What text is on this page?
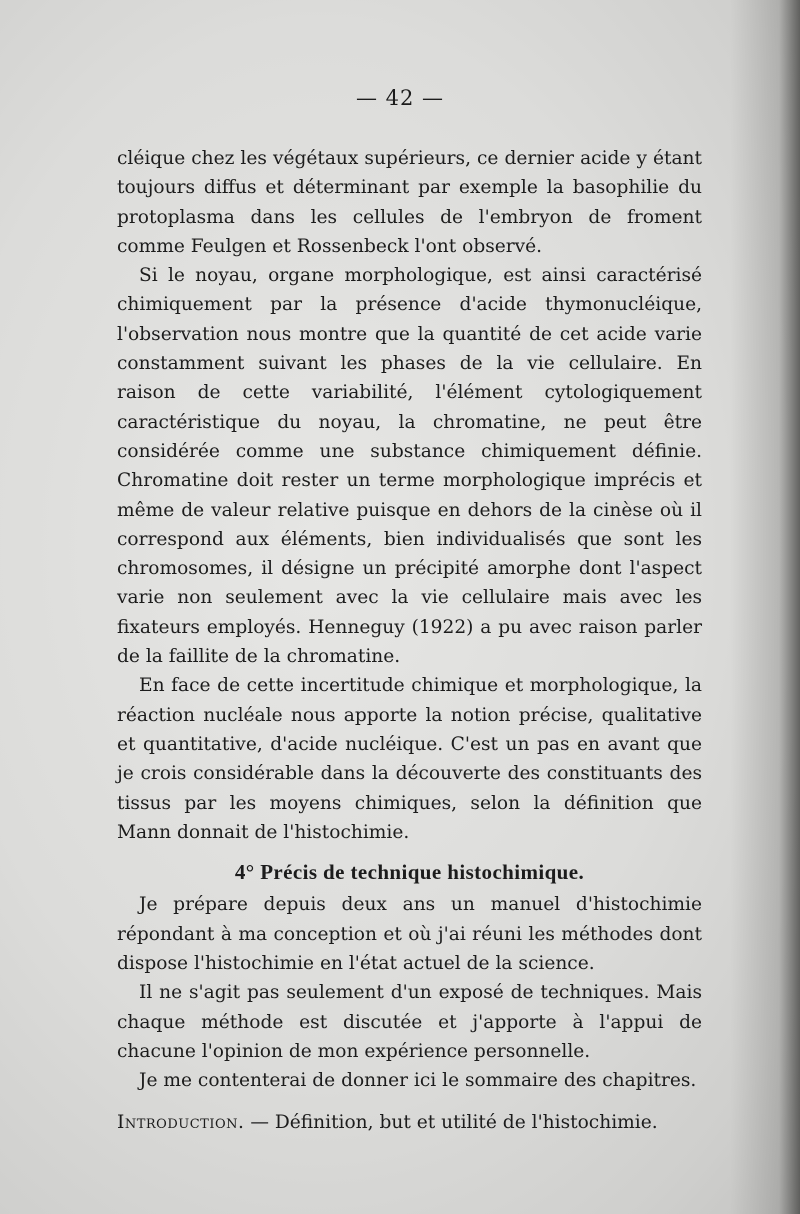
— 42 —

cléique chez les végétaux supérieurs, ce dernier acide y étant toujours diffus et déterminant par exemple la basophilie du protoplasma dans les cellules de l'embryon de froment comme Feulgen et Rossenbeck l'ont observé.

Si le noyau, organe morphologique, est ainsi caractérisé chimiquement par la présence d'acide thymonucléique, l'observation nous montre que la quantité de cet acide varie constamment suivant les phases de la vie cellulaire. En raison de cette variabilité, l'élément cytologiquement caractéristique du noyau, la chromatine, ne peut être considérée comme une substance chimiquement définie. Chromatine doit rester un terme morphologique imprécis et même de valeur relative puisque en dehors de la cinèse où il correspond aux éléments, bien individualisés que sont les chromosomes, il désigne un précipité amorphe dont l'aspect varie non seulement avec la vie cellulaire mais avec les fixateurs employés. Henneguy (1922) a pu avec raison parler de la faillite de la chromatine.

En face de cette incertitude chimique et morphologique, la réaction nucléale nous apporte la notion précise, qualitative et quantitative, d'acide nucléique. C'est un pas en avant que je crois considérable dans la découverte des constituants des tissus par les moyens chimiques, selon la définition que Mann donnait de l'histochimie.

4° Précis de technique histochimique.

Je prépare depuis deux ans un manuel d'histochimie répondant à ma conception et où j'ai réuni les méthodes dont dispose l'histochimie en l'état actuel de la science.

Il ne s'agit pas seulement d'un exposé de techniques. Mais chaque méthode est discutée et j'apporte à l'appui de chacune l'opinion de mon expérience personnelle.

Je me contenterai de donner ici le sommaire des chapitres.

Introduction. — Définition, but et utilité de l'histochimie.
